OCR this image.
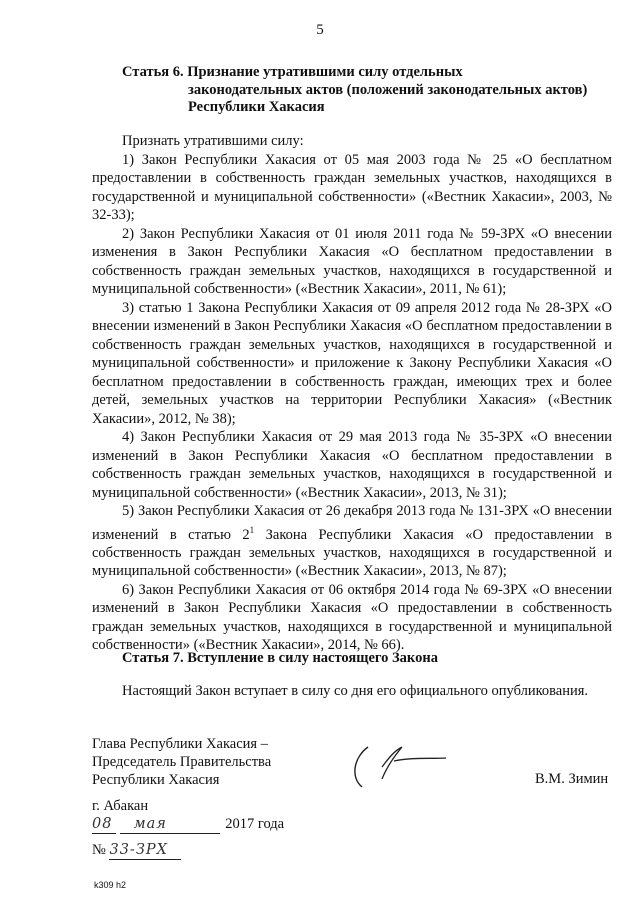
5
Статья 6. Признание утратившими силу отдельных
законодательных актов (положений законодательных актов)
Республики Хакасия
Признать утратившими силу:
1) Закон Республики Хакасия от 05 мая 2003 года № 25 «О бесплатном предоставлении в собственность граждан земельных участков, находящихся в государственной и муниципальной собственности» («Вестник Хакасии», 2003, № 32-33);
2) Закон Республики Хакасия от 01 июля 2011 года № 59-ЗРХ «О внесении изменения в Закон Республики Хакасия «О бесплатном предоставлении в собственность граждан земельных участков, находящихся в государственной и муниципальной собственности» («Вестник Хакасии», 2011, № 61);
3) статью 1 Закона Республики Хакасия от 09 апреля 2012 года № 28-ЗРХ «О внесении изменений в Закон Республики Хакасия «О бесплатном предоставлении в собственность граждан земельных участков, находящихся в государственной и муниципальной собственности» и приложение к Закону Республики Хакасия «О бесплатном предоставлении в собственность граждан, имеющих трех и более детей, земельных участков на территории Республики Хакасия» («Вестник Хакасии», 2012, № 38);
4) Закон Республики Хакасия от 29 мая 2013 года № 35-ЗРХ «О внесении изменений в Закон Республики Хакасия «О бесплатном предоставлении в собственность граждан земельных участков, находящихся в государственной и муниципальной собственности» («Вестник Хакасии», 2013, № 31);
5) Закон Республики Хакасия от 26 декабря 2013 года № 131-ЗРХ «О внесении изменений в статью $2^1$ Закона Республики Хакасия «О предоставлении в собственность граждан земельных участков, находящихся в государственной и муниципальной собственности» («Вестник Хакасии», 2013, № 87);
6) Закон Республики Хакасия от 06 октября 2014 года № 69-ЗРХ «О внесении изменений в Закон Республики Хакасия «О предоставлении в собственность граждан земельных участков, находящихся в государственной и муниципальной собственности» («Вестник Хакасии», 2014, № 66).
Статья 7. Вступление в силу настоящего Закона
Настоящий Закон вступает в силу со дня его официального опубликования.
Глава Республики Хакасия –
Председатель Правительства
Республики Хакасия	В.М. Зимин
г. Абакан
08 мая	2017 года
№ 33-ЗРХ
k309 h2
